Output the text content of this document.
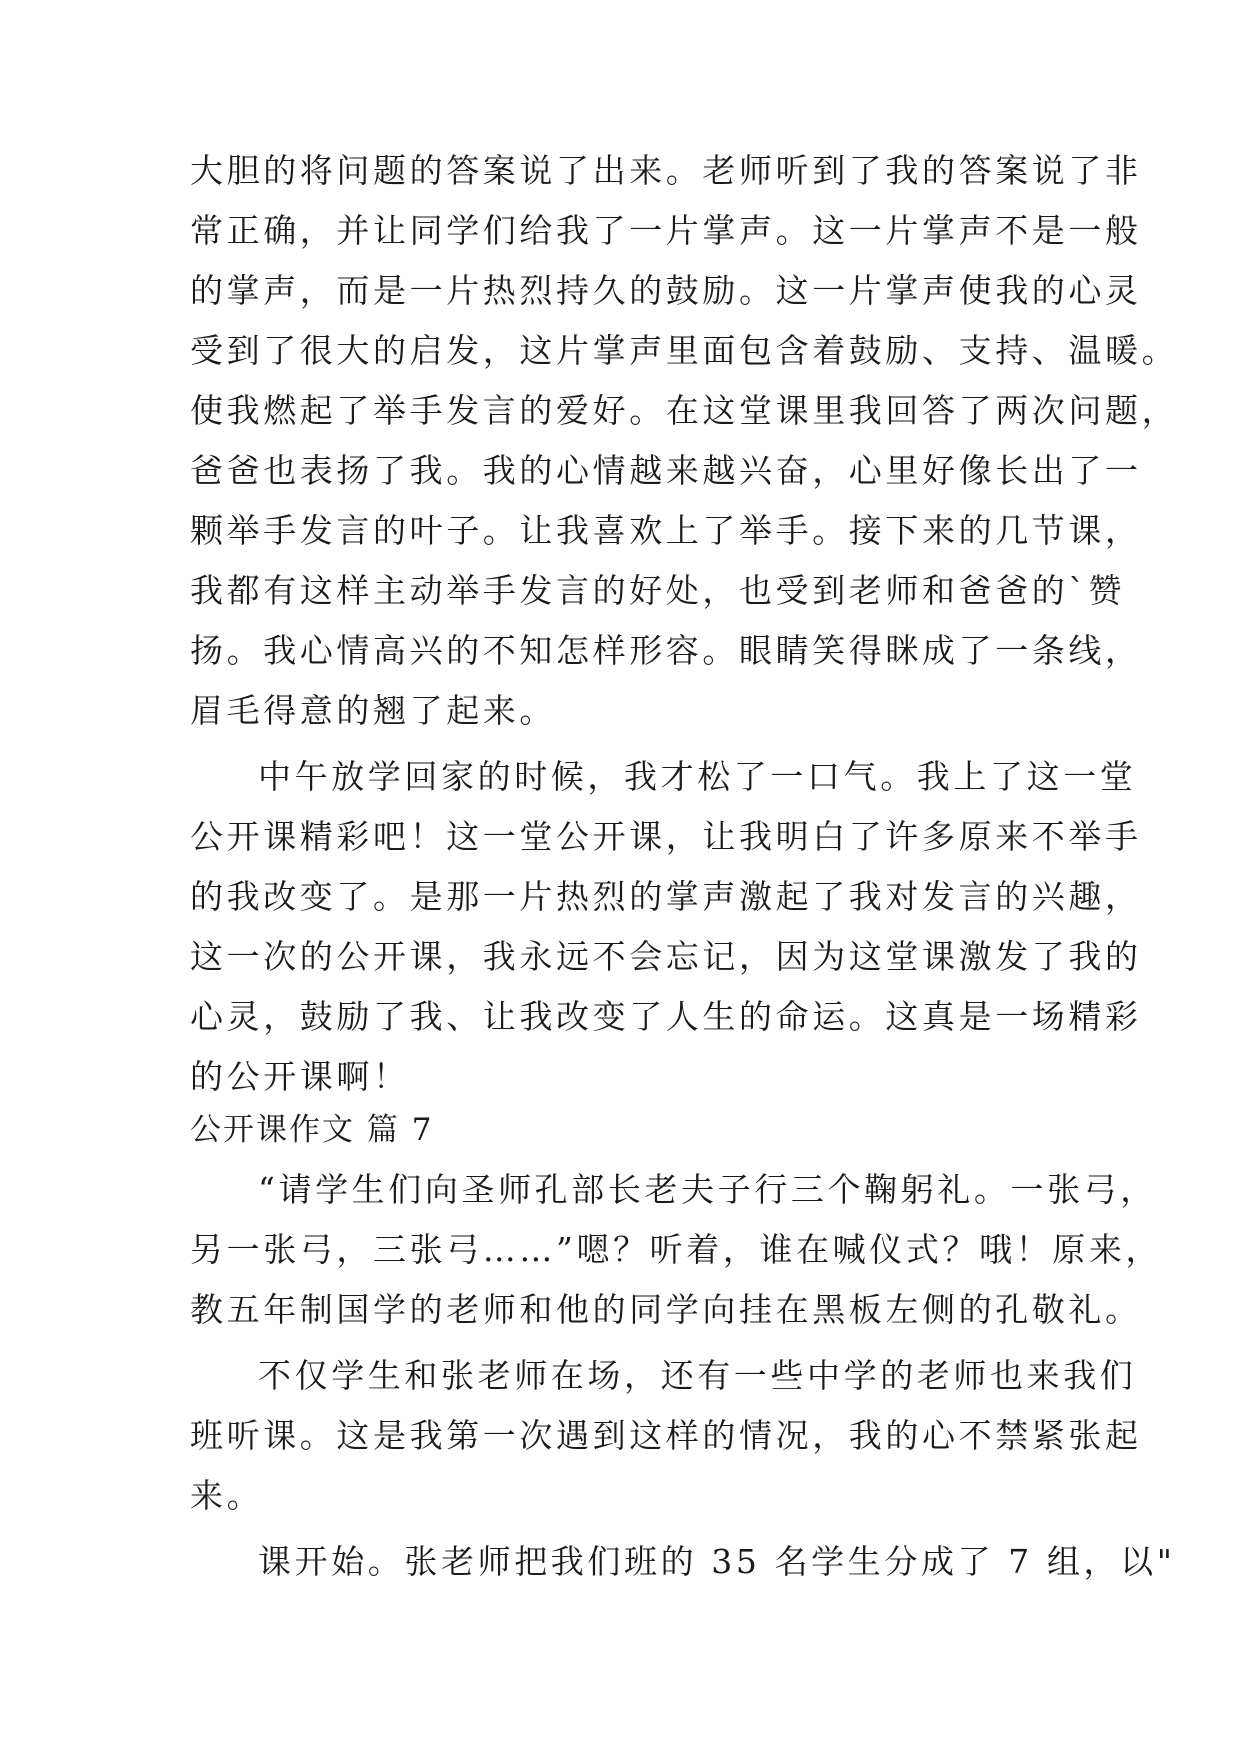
大胆的将问题的答案说了出来。老师听到了我的答案说了非
常正确，并让同学们给我了一片掌声。这一片掌声不是一般
的掌声，而是一片热烈持久的鼓励。这一片掌声使我的心灵
受到了很大的启发，这片掌声里面包含着鼓励、支持、温暖。
使我燃起了举手发言的爱好。在这堂课里我回答了两次问题，
爸爸也表扬了我。我的心情越来越兴奋，心里好像长出了一
颗举手发言的叶子。让我喜欢上了举手。接下来的几节课，
我都有这样主动举手发言的好处，也受到老师和爸爸的`赞
扬。我心情高兴的不知怎样形容。眼睛笑得眯成了一条线，
眉毛得意的翘了起来。
中午放学回家的时候，我才松了一口气。我上了这一堂
公开课精彩吧！这一堂公开课，让我明白了许多原来不举手
的我改变了。是那一片热烈的掌声激起了我对发言的兴趣，
这一次的公开课，我永远不会忘记，因为这堂课激发了我的
心灵，鼓励了我、让我改变了人生的命运。这真是一场精彩
的公开课啊！
公开课作文 篇 7
“请学生们向圣师孔部长老夫子行三个鞠躬礼。一张弓，
另一张弓，三张弓……”嗯？听着，谁在喊仪式？哦！原来，
教五年制国学的老师和他的同学向挂在黑板左侧的孔敬礼。
不仅学生和张老师在场，还有一些中学的老师也来我们
班听课。这是我第一次遇到这样的情况，我的心不禁紧张起
来。
课开始。张老师把我们班的 35 名学生分成了 7 组，以"
